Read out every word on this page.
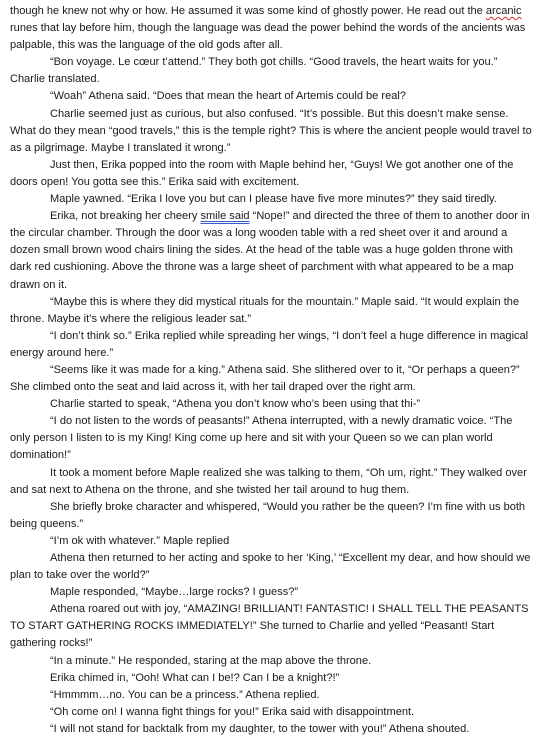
though he knew not why or how. He assumed it was some kind of ghostly power. He read out the arcanic runes that lay before him, though the language was dead the power behind the words of the ancients was palpable, this was the language of the old gods after all.

“Bon voyage. Le cœur t’attend.” They both got chills. “Good travels, the heart waits for you.” Charlie translated.

“Woah” Athena said. “Does that mean the heart of Artemis could be real?

Charlie seemed just as curious, but also confused. “It’s possible. But this doesn’t make sense. What do they mean “good travels,” this is the temple right? This is where the ancient people would travel to as a pilgrimage. Maybe I translated it wrong.”

Just then, Erika popped into the room with Maple behind her, “Guys! We got another one of the doors open! You gotta see this.” Erika said with excitement.

Maple yawned. “Erika I love you but can I please have five more minutes?” they said tiredly.

Erika, not breaking her cheery smile said “Nope!” and directed the three of them to another door in the circular chamber. Through the door was a long wooden table with a red sheet over it and around a dozen small brown wood chairs lining the sides. At the head of the table was a huge golden throne with dark red cushioning. Above the throne was a large sheet of parchment with what appeared to be a map drawn on it.

“Maybe this is where they did mystical rituals for the mountain.” Maple said. “It would explain the throne. Maybe it’s where the religious leader sat.”

“I don’t think so.” Erika replied while spreading her wings, “I don’t feel a huge difference in magical energy around here.”

“Seems like it was made for a king.” Athena said. She slithered over to it, “Or perhaps a queen?” She climbed onto the seat and laid across it, with her tail draped over the right arm.

Charlie started to speak, “Athena you don’t know who’s been using that thi-”

“I do not listen to the words of peasants!” Athena interrupted, with a newly dramatic voice. “The only person I listen to is my King! King come up here and sit with your Queen so we can plan world domination!”

It took a moment before Maple realized she was talking to them, “Oh um, right.” They walked over and sat next to Athena on the throne, and she twisted her tail around to hug them.

She briefly broke character and whispered, “Would you rather be the queen? I’m fine with us both being queens.”

“I’m ok with whatever.” Maple replied

Athena then returned to her acting and spoke to her ‘King,’ “Excellent my dear, and how should we plan to take over the world?”

Maple responded, “Maybe…large rocks? I guess?”

Athena roared out with joy, “AMAZING! BRILLIANT! FANTASTIC! I SHALL TELL THE PEASANTS TO START GATHERING ROCKS IMMEDIATELY!” She turned to Charlie and yelled “Peasant! Start gathering rocks!”

“In a minute.” He responded, staring at the map above the throne.

Erika chimed in, “Ooh! What can I be!? Can I be a knight?!”

“Hmmmm…no. You can be a princess.” Athena replied.

“Oh come on! I wanna fight things for you!” Erika said with disappointment.

“I will not stand for backtalk from my daughter, to the tower with you!” Athena shouted.
